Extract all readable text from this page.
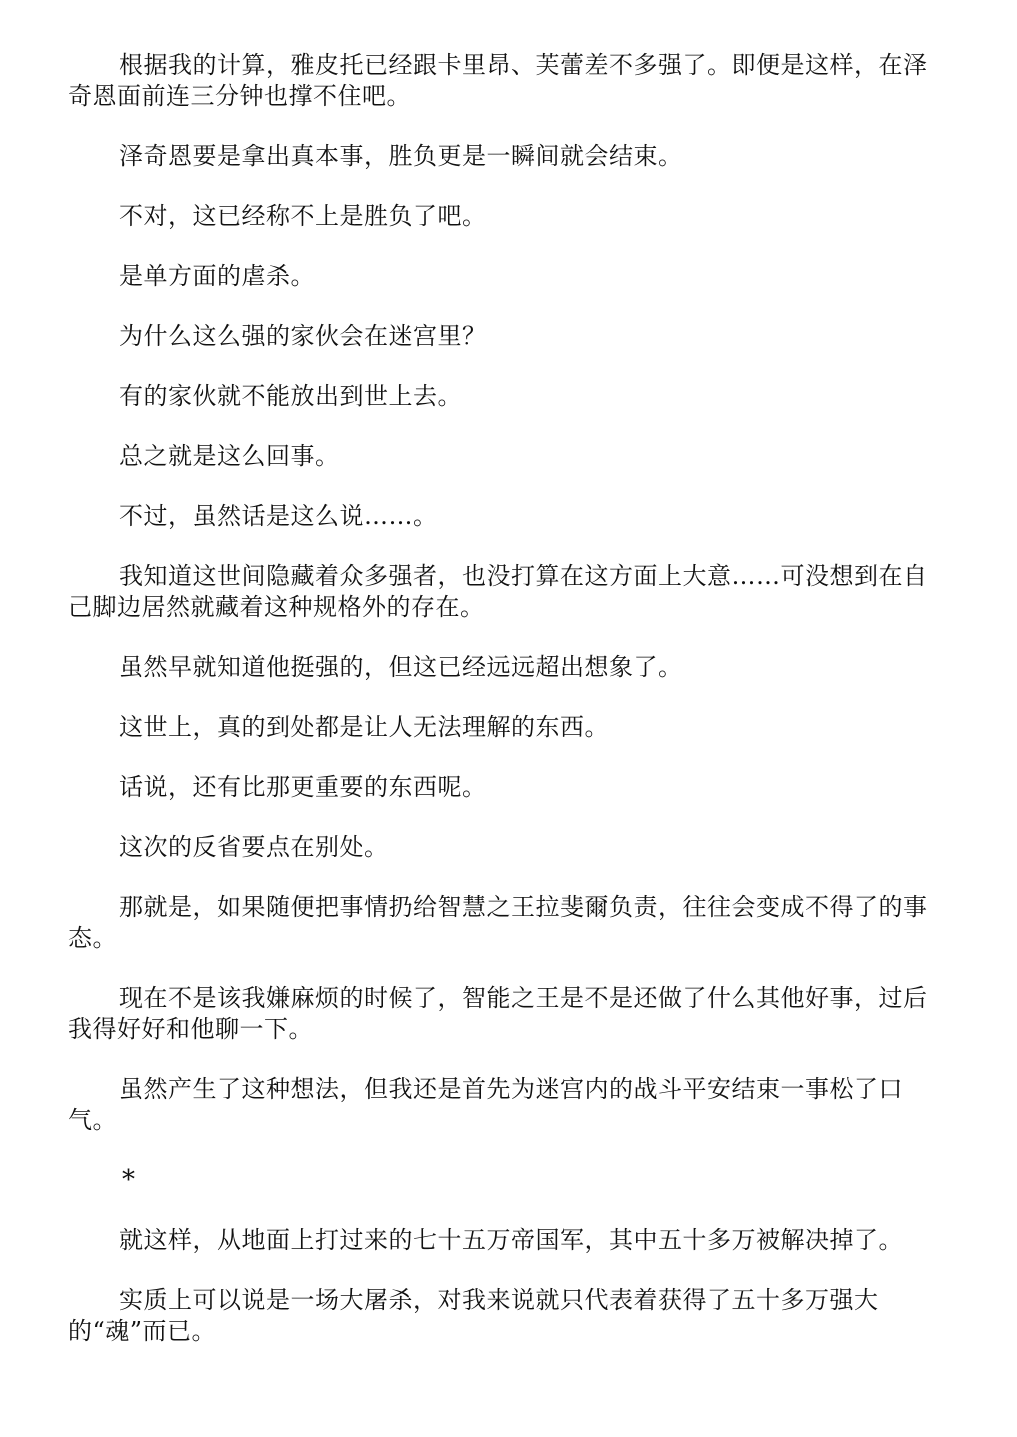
根据我的计算，雅皮托已经跟卡里昂、芙蕾差不多强了。即便是这样，在泽奇恩面前连三分钟也撑不住吧。

泽奇恩要是拿出真本事，胜负更是一瞬间就会结束。

不对，这已经称不上是胜负了吧。

是单方面的虐杀。

为什么这么强的家伙会在迷宫里？

有的家伙就不能放出到世上去。

总之就是这么回事。

不过，虽然话是这么说……。

我知道这世间隐藏着众多强者，也没打算在这方面上大意……可没想到在自己脚边居然就藏着这种规格外的存在。

虽然早就知道他挺强的，但这已经远远超出想象了。

这世上，真的到处都是让人无法理解的东西。

话说，还有比那更重要的东西呢。

这次的反省要点在别处。

那就是，如果随便把事情扔给智慧之王拉斐爾负责，往往会变成不得了的事态。

现在不是该我嫌麻烦的时候了，智能之王是不是还做了什么其他好事，过后我得好好和他聊一下。

虽然产生了这种想法，但我还是首先为迷宫内的战斗平安结束一事松了口气。

*

就这样，从地面上打过来的七十五万帝国军，其中五十多万被解决掉了。

实质上可以说是一场大屠杀，对我来说就只代表着获得了五十多万强大的“魂”而已。
